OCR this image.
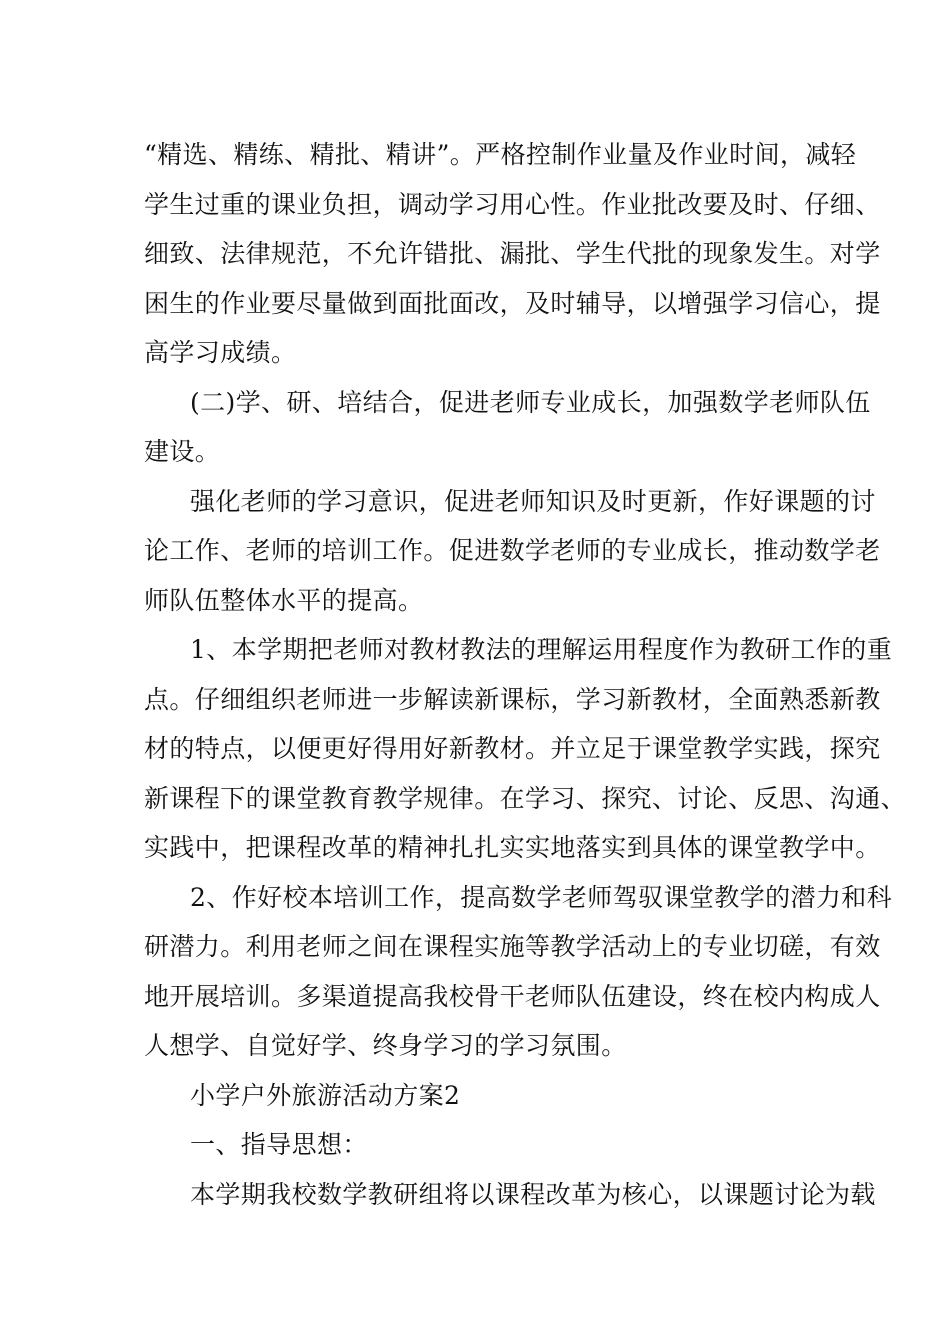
“精选、精练、精批、精讲”。严格控制作业量及作业时间，减轻
学生过重的课业负担，调动学习用心性。作业批改要及时、仔细、
细致、法律规范，不允许错批、漏批、学生代批的现象发生。对学
困生的作业要尽量做到面批面改，及时辅导，以增强学习信心，提
高学习成绩。
(二)学、研、培结合，促进老师专业成长，加强数学老师队伍
建设。
强化老师的学习意识，促进老师知识及时更新，作好课题的讨
论工作、老师的培训工作。促进数学老师的专业成长，推动数学老
师队伍整体水平的提高。
1、本学期把老师对教材教法的理解运用程度作为教研工作的重
点。仔细组织老师进一步解读新课标，学习新教材，全面熟悉新教
材的特点，以便更好得用好新教材。并立足于课堂教学实践，探究
新课程下的课堂教育教学规律。在学习、探究、讨论、反思、沟通、
实践中，把课程改革的精神扎扎实实地落实到具体的课堂教学中。
2、作好校本培训工作，提高数学老师驾驭课堂教学的潜力和科
研潜力。利用老师之间在课程实施等教学活动上的专业切磋，有效
地开展培训。多渠道提高我校骨干老师队伍建设，终在校内构成人
人想学、自觉好学、终身学习的学习氛围。
小学户外旅游活动方案2
一、指导思想：
本学期我校数学教研组将以课程改革为核心，以课题讨论为载
